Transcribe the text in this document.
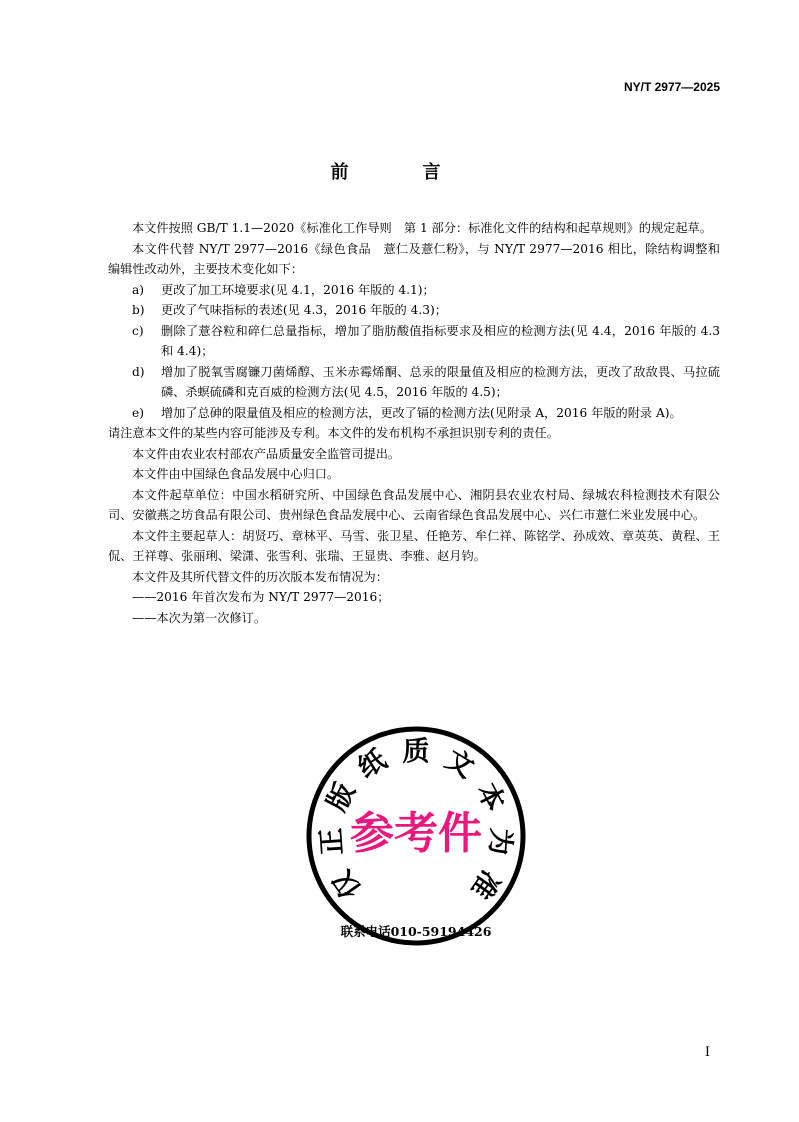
NY/T 2977—2025
前　言

本文件按照 GB/T 1.1—2020《标准化工作导则　第 1 部分：标准化文件的结构和起草规则》的规定起草。

本文件代替 NY/T 2977—2016《绿色食品　薏仁及薏仁粉》，与 NY/T 2977—2016 相比，除结构调整和编辑性改动外，主要技术变化如下：

a)	更改了加工环境要求(见 4.1，2016 年版的 4.1)；
b)	更改了气味指标的表述(见 4.3，2016 年版的 4.3)；
c)	删除了薏谷粒和碎仁总量指标，增加了脂肪酸值指标要求及相应的检测方法(见 4.4，2016 年版的 4.3 和 4.4)；
d)	增加了脱氧雪腐镰刀菌烯醇、玉米赤霉烯酮、总汞的限量值及相应的检测方法，更改了敌敌畏、马拉硫磷、杀螟硫磷和克百威的检测方法(见 4.5，2016 年版的 4.5)；
e)	增加了总砷的限量值及相应的检测方法，更改了镉的检测方法(见附录 A，2016 年版的附录 A)。

请注意本文件的某些内容可能涉及专利。本文件的发布机构不承担识别专利的责任。

本文件由农业农村部农产品质量安全监管司提出。

本文件由中国绿色食品发展中心归口。

本文件起草单位：中国水稻研究所、中国绿色食品发展中心、湘阴县农业农村局、绿城农科检测技术有限公司、安徽燕之坊食品有限公司、贵州绿色食品发展中心、云南省绿色食品发展中心、兴仁市薏仁米业发展中心。

本文件主要起草人：胡贤巧、章林平、马雪、张卫星、任艳芳、牟仁祥、陈铭学、孙成效、章英英、黄程、王侃、王祥尊、张丽琍、梁潇、张雪利、张瑞、王显贵、李雅、赵月钧。

本文件及其所代替文件的历次版本发布情况为：

——2016 年首次发布为 NY/T 2977—2016；

——本次为第一次修订。

仅
正
版
纸 质 文
本
为
准
参考件
联系电话010-59194426
I
